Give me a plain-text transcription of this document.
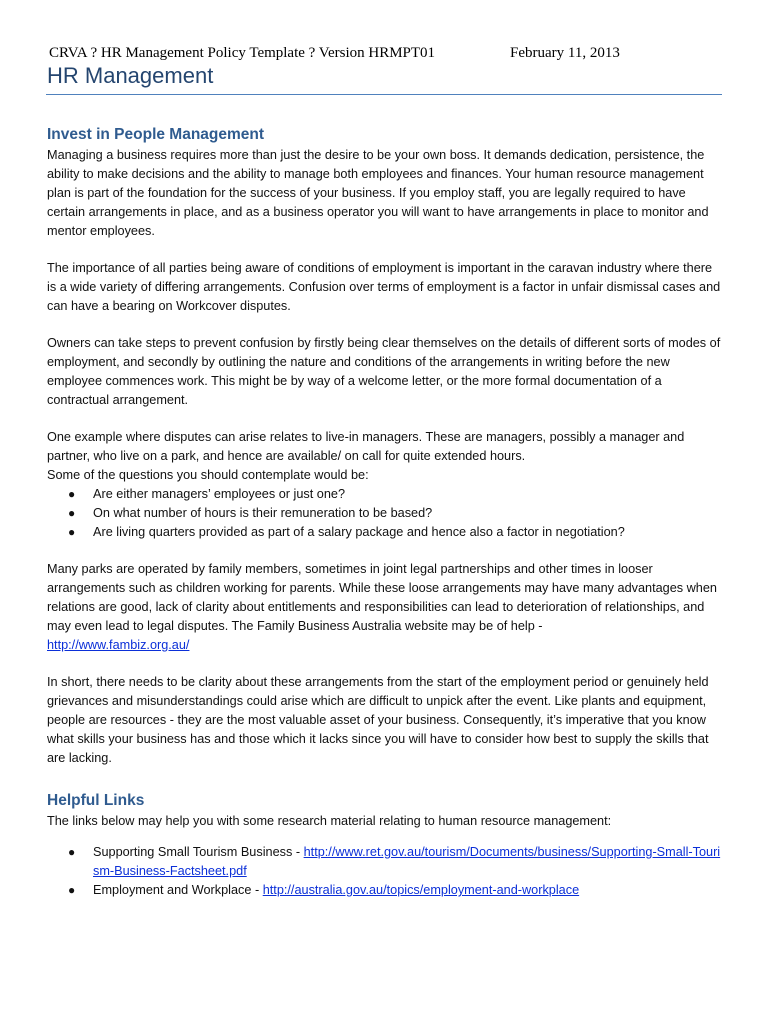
CRVA ? HR Management Policy Template ? Version HRMPT01	February 11, 2013
HR Management
Invest in People Management

Managing a business requires more than just the desire to be your own boss. It demands dedication, persistence, the ability to make decisions and the ability to manage both employees and finances. Your human resource management plan is part of the foundation for the success of your business. If you employ staff, you are legally required to have certain arrangements in place, and as a business operator you will want to have arrangements in place to monitor and mentor employees.

The importance of all parties being aware of conditions of employment is important in the caravan industry where there is a wide variety of differing arrangements. Confusion over terms of employment is a factor in unfair dismissal cases and can have a bearing on Workcover disputes.

Owners can take steps to prevent confusion by firstly being clear themselves on the details of different sorts of modes of employment, and secondly by outlining the nature and conditions of the arrangements in writing before the new employee commences work. This might be by way of a welcome letter, or the more formal documentation of a contractual arrangement.

One example where disputes can arise relates to live-in managers. These are managers, possibly a manager and partner, who live on a park, and hence are available/ on call for quite extended hours.

Some of the questions you should contemplate would be:

● Are either managers’ employees or just one?
● On what number of hours is their remuneration to be based?
● Are living quarters provided as part of a salary package and hence also a factor in negotiation?

Many parks are operated by family members, sometimes in joint legal partnerships and other times in looser arrangements such as children working for parents. While these loose arrangements may have many advantages when relations are good, lack of clarity about entitlements and responsibilities can lead to deterioration of relationships, and may even lead to legal disputes. The Family Business Australia website may be of help -
http://www.fambiz.org.au/

In short, there needs to be clarity about these arrangements from the start of the employment period or genuinely held grievances and misunderstandings could arise which are difficult to unpick after the event. Like plants and equipment, people are resources - they are the most valuable asset of your business. Consequently, it’s imperative that you know what skills your business has and those which it lacks since you will have to consider how best to supply the skills that are lacking.

Helpful Links

The links below may help you with some research material relating to human resource management:

● Supporting Small Tourism Business - http://www.ret.gov.au/tourism/Documents/business/Supporting-Small-Tourism-Business-Factsheet.pdf
● Employment and Workplace - http://australia.gov.au/topics/employment-and-workplace
